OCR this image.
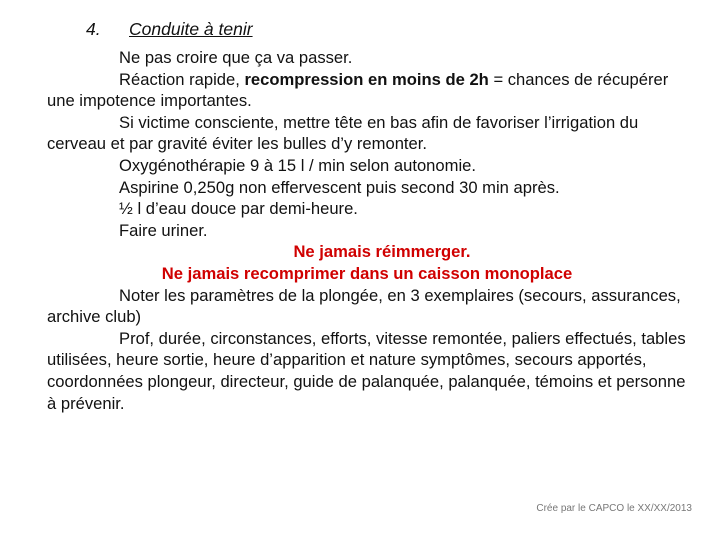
4. Conduite à tenir

Ne pas croire que ça va passer.

Réaction rapide, recompression en moins de 2h = chances de récupérer une impotence importantes.

Si victime consciente, mettre tête en bas afin de favoriser l’irrigation du cerveau et par gravité éviter les bulles d’y remonter.

Oxygénothérapie 9 à 15 l / min selon autonomie.

Aspirine 0,250g non effervescent puis second 30 min après.

½ l d’eau douce par demi-heure.

Faire uriner.

Ne jamais réimmerger.

Ne jamais recomprimer dans un caisson monoplace

Noter les paramètres de la plongée, en 3 exemplaires (secours, assurances, archive club)

Prof, durée, circonstances, efforts, vitesse remontée, paliers effectués, tables utilisées, heure sortie, heure d’apparition et nature symptômes, secours apportés, coordonnées plongeur, directeur, guide de palanquée, palanquée, témoins et personne à prévenir.

Crée par le CAPCO le XX/XX/2013
